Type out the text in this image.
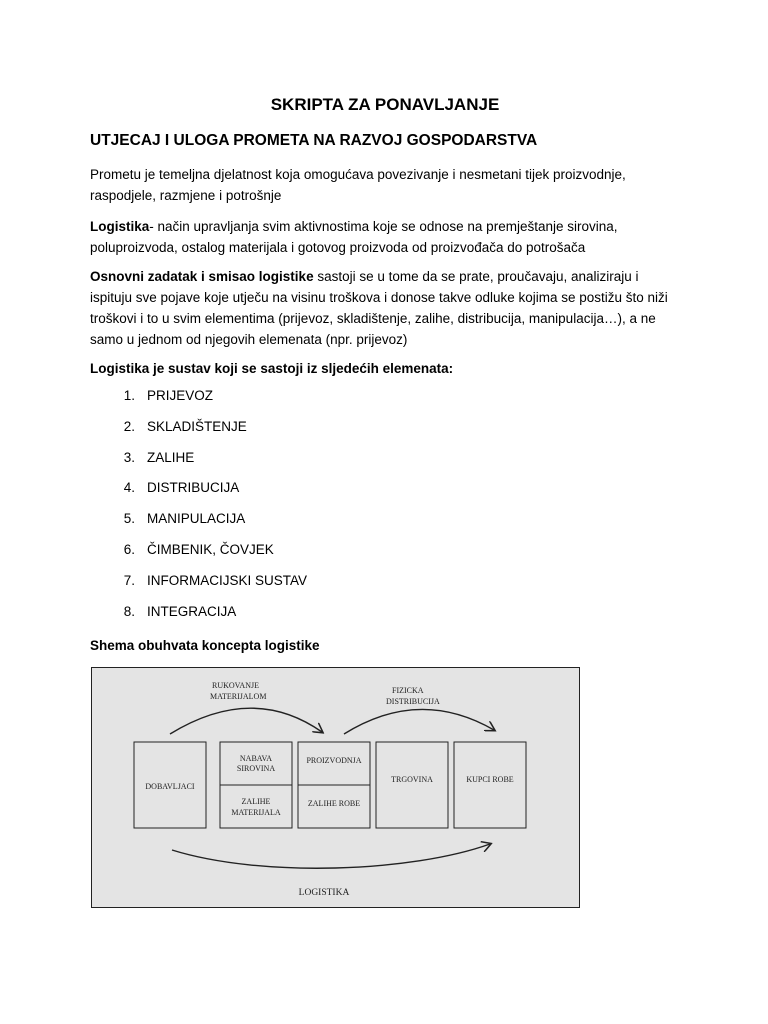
SKRIPTA ZA PONAVLJANJE
UTJECAJ I ULOGA PROMETA NA RAZVOJ GOSPODARSTVA

Prometu je temeljna djelatnost koja omogućava povezivanje i nesmetani tijek proizvodnje, raspodjele, razmjene i potrošnje

Logistika- način upravljanja svim aktivnostima koje se odnose na premještanje sirovina, poluproizvoda, ostalog materijala i gotovog proizvoda od proizvođača do potrošača

Osnovni zadatak i smisao logistike sastoji se u tome da se prate, proučavaju, analiziraju i ispituju sve pojave koje utječu na visinu troškova i donose takve odluke kojima se postižu što niži troškovi i to u svim elementima (prijevoz, skladištenje, zalihe, distribucija, manipulacija…), a ne samo u jednom od njegovih elemenata (npr. prijevoz)

Logistika je sustav koji se sastoji iz sljedećih elemenata:

1. PRIJEVOZ
2. SKLADIŠTENJE
3. ZALIHE
4. DISTRIBUCIJA
5. MANIPULACIJA
6. ČIMBENIK, ČOVJEK
7. INFORMACIJSKI SUSTAV
8. INTEGRACIJA

Shema obuhvata koncepta logistike

RUKOVANJE
MATERIJALOM
FIZICKA
DISTRIBUCIJA
DOBAVLJACI
NABAVA
SIROVINA
ZALIHE
MATERIJALA
PROIZVODNJA
ZALIHE ROBE
TRGOVINA	KUPCI ROBE
LOGISTIKA
